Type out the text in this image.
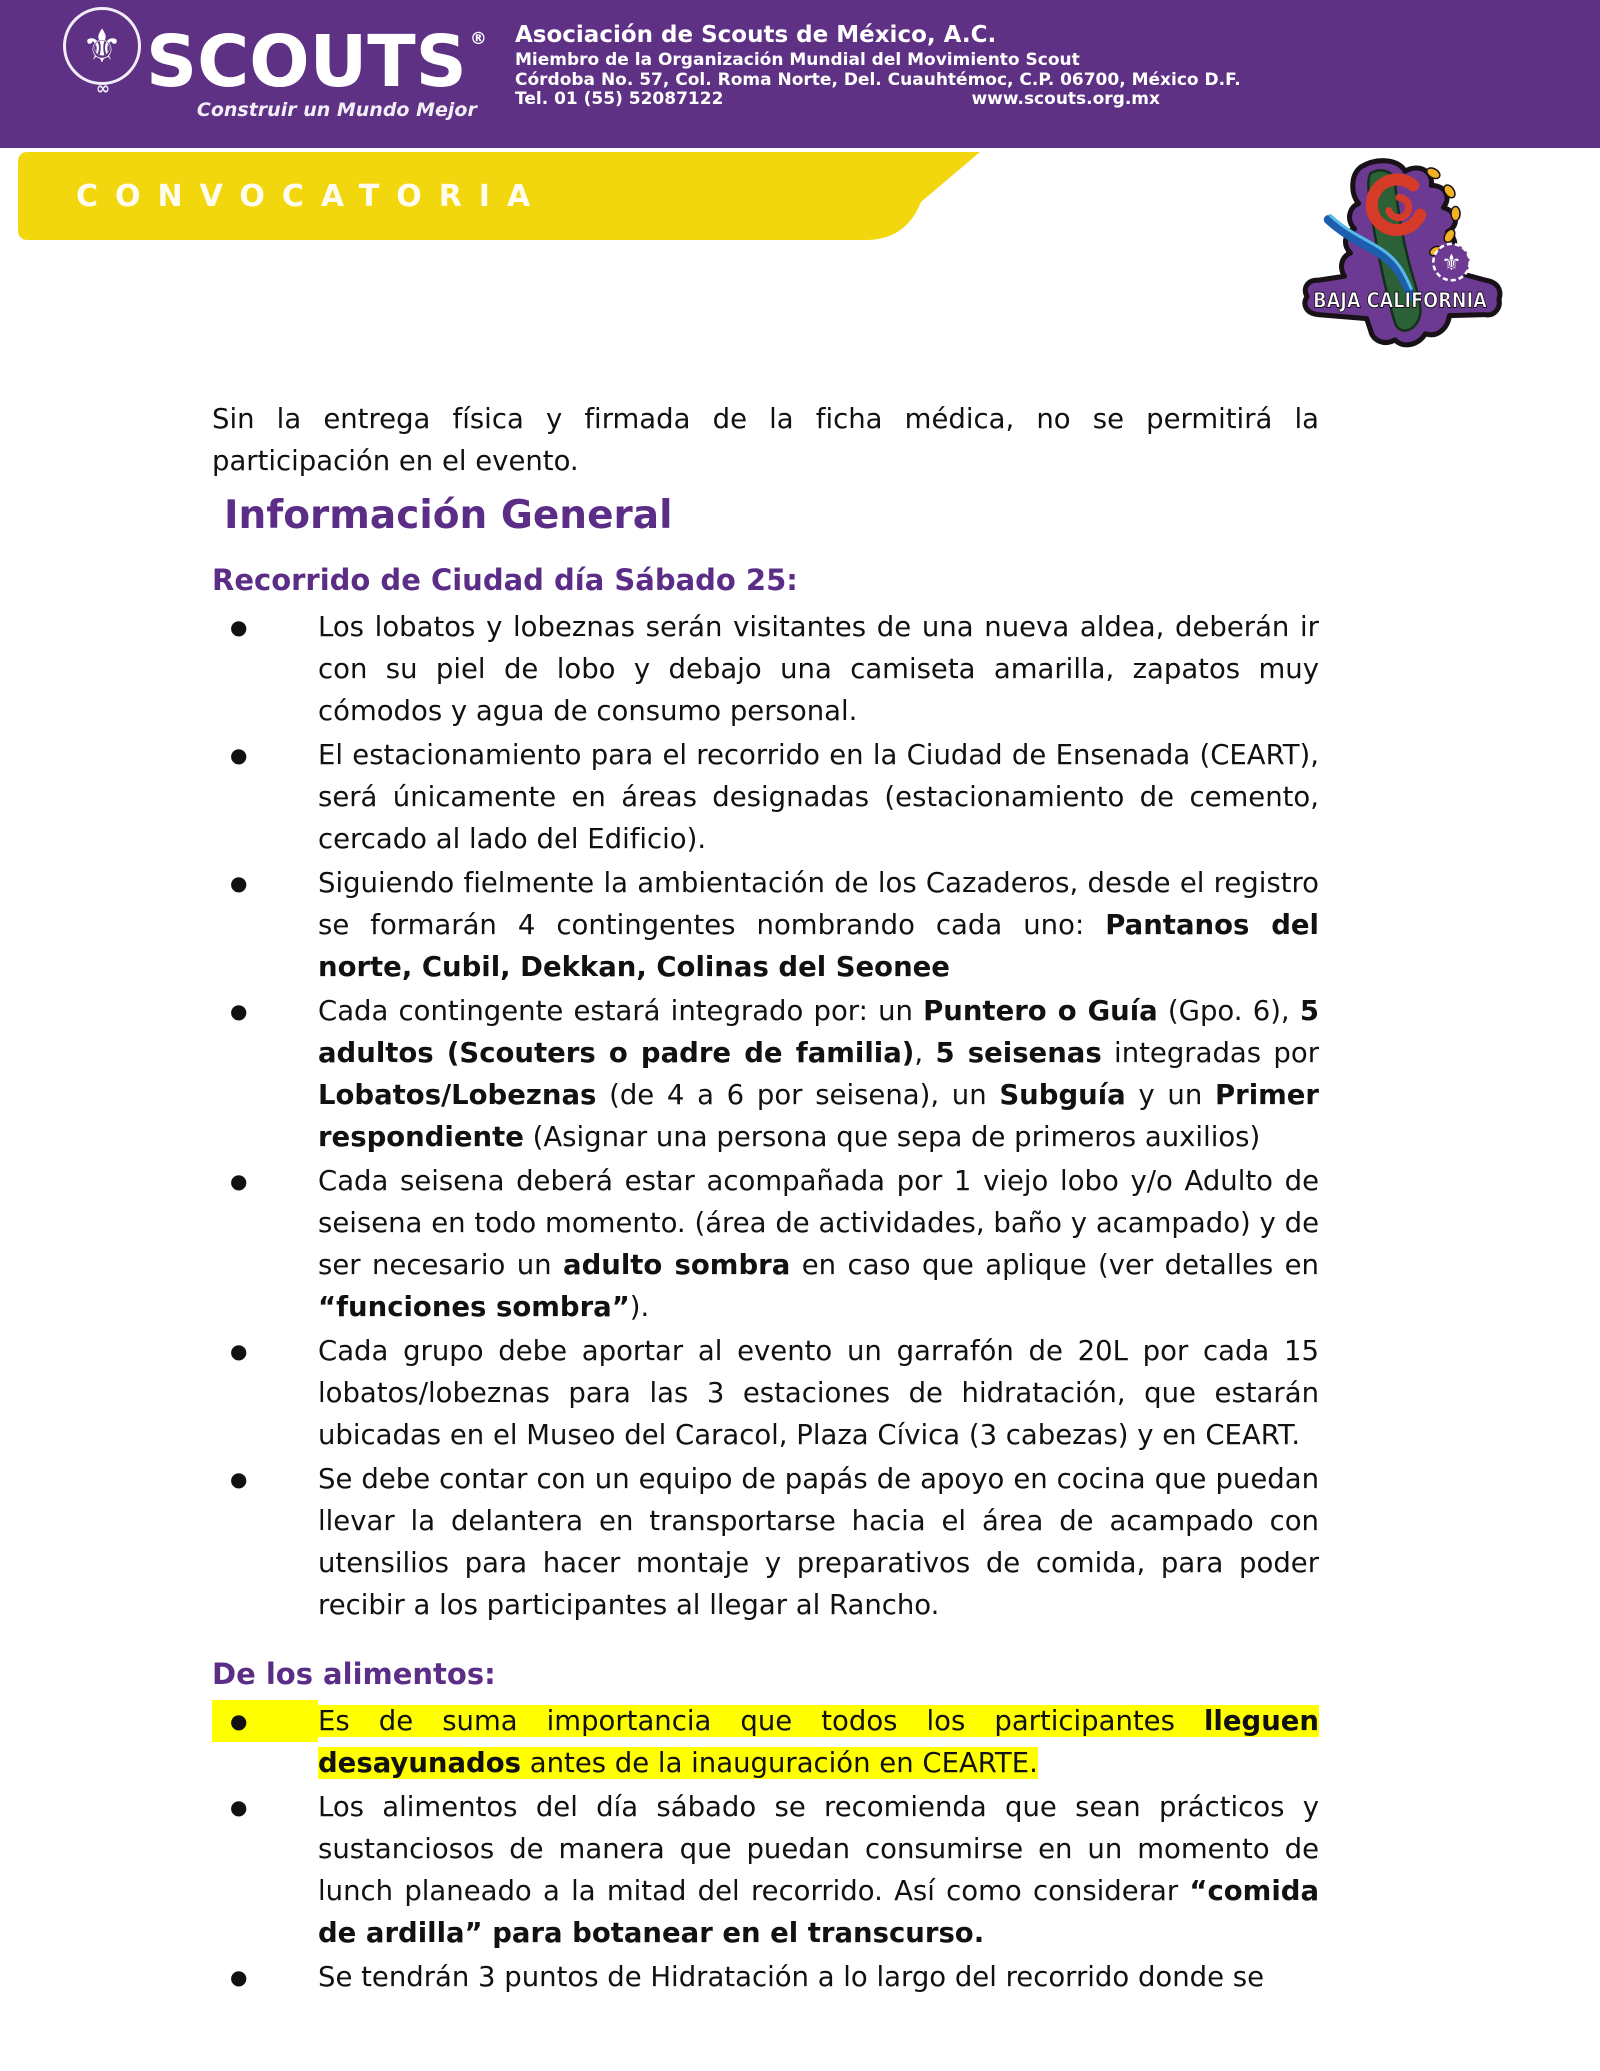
⚜
∞ SCOUTS ®
Construir un Mundo Mejor
Asociación de Scouts de México, A.C.
Miembro de la Organización Mundial del Movimiento Scout
Córdoba No. 57, Col. Roma Norte, Del. Cuauhtémoc, C.P. 06700, México D.F.
Tel. 01 (55) 52087122	www.scouts.org.mx
CONVOCATORIA
⚜
BAJA CALIFORNIA

Sin la entrega física y firmada de la ficha médica, no se permitirá la participación en el evento.

Información General
Recorrido de Ciudad día Sábado 25:
● Los lobatos y lobeznas serán visitantes de una nueva aldea, deberán ir con su piel de lobo y debajo una camiseta amarilla, zapatos muy cómodos y agua de consumo personal.
● El estacionamiento para el recorrido en la Ciudad de Ensenada (CEART), será únicamente en áreas designadas (estacionamiento de cemento, cercado al lado del Edificio).
● Siguiendo fielmente la ambientación de los Cazaderos, desde el registro se formarán 4 contingentes nombrando cada uno: Pantanos del norte, Cubil, Dekkan, Colinas del Seonee
● Cada contingente estará integrado por: un Puntero o Guía (Gpo. 6), 5 adultos (Scouters o padre de familia), 5 seisenas integradas por Lobatos/Lobeznas (de 4 a 6 por seisena), un Subguía y un Primer respondiente (Asignar una persona que sepa de primeros auxilios)
● Cada seisena deberá estar acompañada por 1 viejo lobo y/o Adulto de seisena en todo momento. (área de actividades, baño y acampado) y de ser necesario un adulto sombra en caso que aplique (ver detalles en “funciones sombra”).
● Cada grupo debe aportar al evento un garrafón de 20L por cada 15 lobatos/lobeznas para las 3 estaciones de hidratación, que estarán ubicadas en el Museo del Caracol, Plaza Cívica (3 cabezas) y en CEART.
● Se debe contar con un equipo de papás de apoyo en cocina que puedan llevar la delantera en transportarse hacia el área de acampado con utensilios para hacer montaje y preparativos de comida, para poder recibir a los participantes al llegar al Rancho.
De los alimentos:
● Es de suma importancia que todos los participantes lleguen desayunados antes de la inauguración en CEARTE.
● Los alimentos del día sábado se recomienda que sean prácticos y sustanciosos de manera que puedan consumirse en un momento de lunch planeado a la mitad del recorrido. Así como considerar “comida de ardilla” para botanear en el transcurso.
● Se tendrán 3 puntos de Hidratación a lo largo del recorrido donde se
